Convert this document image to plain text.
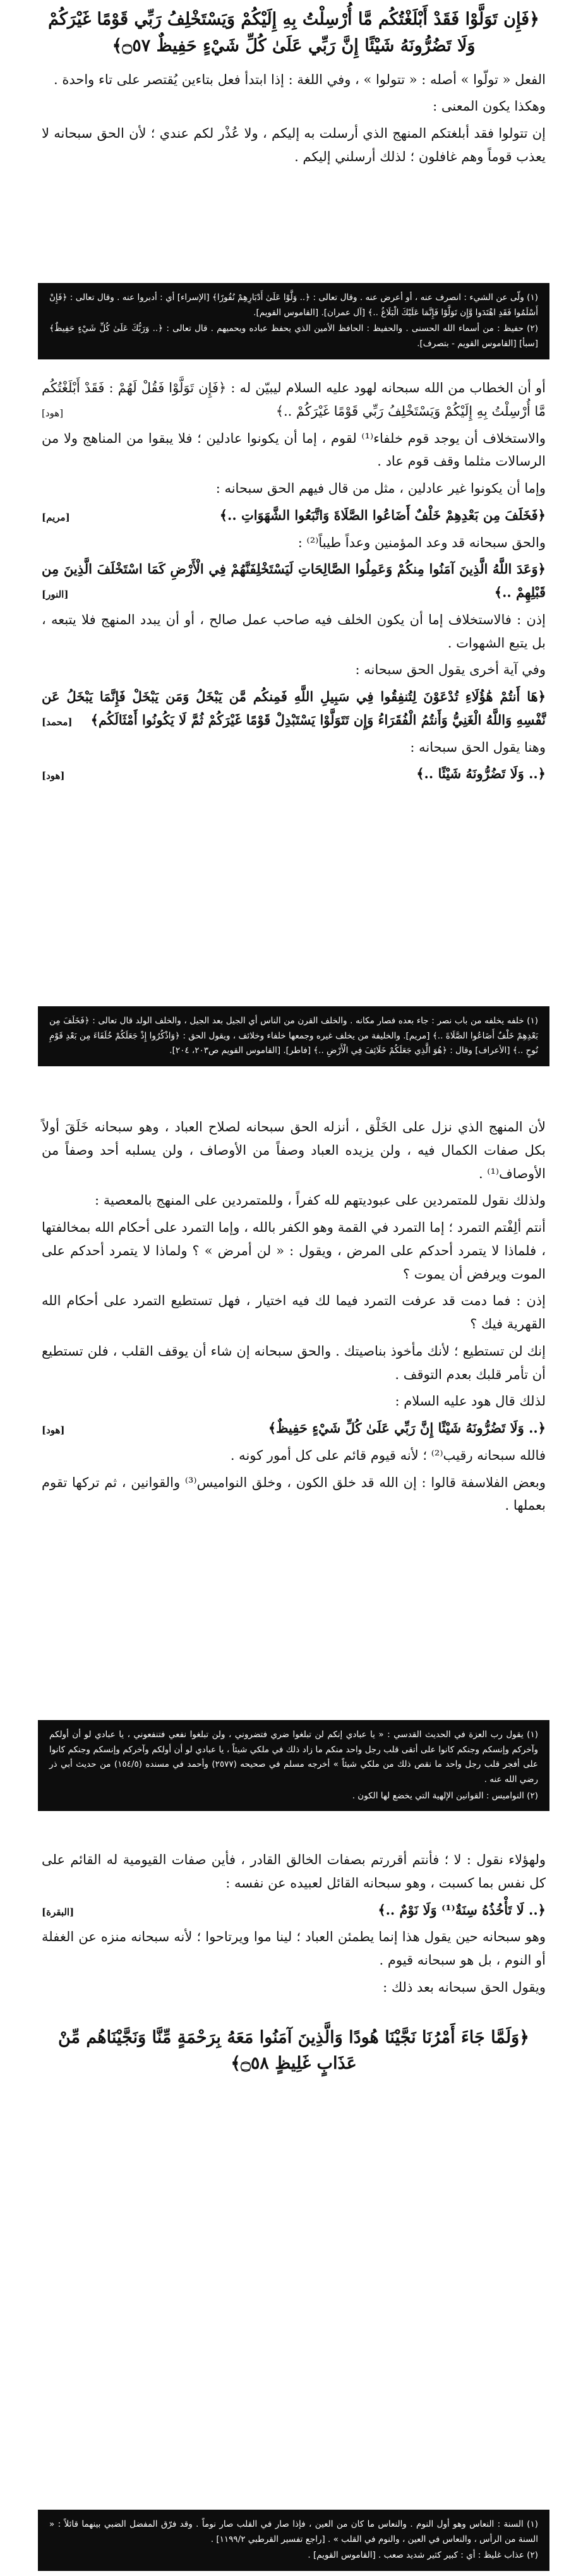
﴿فَإِن تَوَلَّوْا فَقَدْ أَبْلَغْتُكُم مَّا أُرْسِلْتُ بِهِ إِلَيْكُمْ وَيَسْتَخْلِفُ رَبِّي قَوْمًا غَيْرَكُمْ وَلَا تَضُرُّونَهُ شَيْئًا إِنَّ رَبِّي عَلَىٰ كُلِّ شَيْءٍ حَفِيظٌ ۝٥٧﴾

الفعل « تولّوا » أصله : « تتولوا » ، وفي اللغة : إذا ابتدأ فعل بتاءين يُقتصر على تاء واحدة .

وهكذا يكون المعنى :

إن تتولوا فقد أبلغتكم المنهج الذي أرسلت به إليكم ، ولا عُذْر لكم عندي ؛ لأن الحق سبحانه لا يعذب قوماً وهم غافلون ؛ لذلك أرسلني إليكم .

(١) ولّى عن الشيء : انصرف عنه ، أو أعرض عنه . وقال تعالى : ﴿.. وَلَّوْا عَلَىٰ أَدْبَارِهِمْ نُفُورًا﴾ [الإسراء] أي : أدبروا عنه . وقال تعالى : ﴿فَإِنْ أَسْلَمُوا فَقَدِ اهْتَدَوا وَّإِن تَوَلَّوْا فَإِنَّمَا عَلَيْكَ الْبَلَاغُ ..﴾ [آل عمران]. [القاموس القويم].

(٢) حفيظ : من أسماء الله الحسنى . والحفيظ : الحافظ الأمين الذي يحفظ عباده ويحميهم . قال تعالى : ﴿.. وَرَبُّكَ عَلَىٰ كُلِّ شَيْءٍ حَفِيظٌ﴾ [سبأ] [القاموس القويم - بتصرف].

أو أن الخطاب من الله سبحانه لهود عليه السلام ليبيّن له : ﴿فَإِن تَوَلَّوْا فَقُلْ لَهُمْ : فَقَدْ أَبْلَغْتُكُم مَّا أُرْسِلْتُ بِهِ إِلَيْكُمْ وَيَسْتَخْلِفُ رَبِّي قَوْمًا غَيْرَكُمْ ..﴾
[هود]

والاستخلاف أن يوجد قوم خلفاء⁽¹⁾ لقوم ، إما أن يكونوا عادلين ؛ فلا يبقوا من المناهج ولا من الرسالات مثلما وقف قوم عاد .

وإما أن يكونوا غير عادلين ، مثل من قال فيهم الحق سبحانه :

﴿فَخَلَفَ مِن بَعْدِهِمْ خَلْفٌ أَضَاعُوا الصَّلَاةَ وَاتَّبَعُوا الشَّهَوَاتِ ..﴾
[مريم]

والحق سبحانه قد وعد المؤمنين وعداً طيباً⁽²⁾ :

﴿وَعَدَ اللَّهُ الَّذِينَ آمَنُوا مِنكُمْ وَعَمِلُوا الصَّالِحَاتِ لَيَسْتَخْلِفَنَّهُمْ فِي الْأَرْضِ كَمَا اسْتَخْلَفَ الَّذِينَ مِن قَبْلِهِمْ ..﴾
[النور]

إذن : فالاستخلاف إما أن يكون الخلف فيه صاحب عمل صالح ، أو أن يبدد المنهج فلا يتبعه ، بل يتبع الشهوات .

وفي آية أخرى يقول الحق سبحانه :

﴿هَا أَنتُمْ هَٰؤُلَاءِ تُدْعَوْنَ لِتُنفِقُوا فِي سَبِيلِ اللَّهِ فَمِنكُم مَّن يَبْخَلُ وَمَن يَبْخَلْ فَإِنَّمَا يَبْخَلُ عَن نَّفْسِهِ وَاللَّهُ الْغَنِيُّ وَأَنتُمُ الْفُقَرَاءُ وَإِن تَتَوَلَّوْا يَسْتَبْدِلْ قَوْمًا غَيْرَكُمْ ثُمَّ لَا يَكُونُوا أَمْثَالَكُم﴾
[محمد]

وهنا يقول الحق سبحانه :

﴿.. وَلَا تَضُرُّونَهُ شَيْئًا ..﴾
[هود]

(١) خلفه يخلفه من باب نصر : جاء بعده فصار مكانه . والخلف القرن من الناس أي الجيل بعد الجيل ، والخلف الولد قال تعالى : ﴿فَخَلَفَ مِن بَعْدِهِمْ خَلْفٌ أَضَاعُوا الصَّلَاةَ ..﴾ [مريم]. والخليفة من يخلف غيره وجمعها خلفاء وخلائف ، ويقول الحق : ﴿وَاذْكُرُوا إِذْ جَعَلَكُمْ خُلَفَاءَ مِن بَعْدِ قَوْمِ نُوحٍ ..﴾ [الأعراف] وقال : ﴿هُوَ الَّذِي جَعَلَكُمْ خَلَائِفَ فِي الْأَرْضِ ..﴾ [فاطر]. [القاموس القويم ص٢٠٣، ٢٠٤].

لأن المنهج الذي نزل على الخَلْق ، أنزله الحق سبحانه لصلاح العباد ، وهو سبحانه خَلَقَ أولاً بكل صفات الكمال فيه ، ولن يزيده العباد وصفاً من الأوصاف ، ولن يسلبه أحد وصفاً من الأوصاف⁽¹⁾ .

ولذلك نقول للمتمردين على عبوديتهم لله كفراً ، وللمتمردين على المنهج بالمعصية :

أنتم ألِفْتم التمرد ؛ إما التمرد في القمة وهو الكفر بالله ، وإما التمرد على أحكام الله بمخالفتها ، فلماذا لا يتمرد أحدكم على المرض ، ويقول : « لن أمرض » ؟ ولماذا لا يتمرد أحدكم على الموت ويرفض أن يموت ؟

إذن : فما دمت قد عرفت التمرد فيما لك فيه اختيار ، فهل تستطيع التمرد على أحكام الله القهرية فيك ؟

إنك لن تستطيع ؛ لأنك مأخوذ بناصيتك . والحق سبحانه إن شاء أن يوقف القلب ، فلن تستطيع أن تأمر قلبك بعدم التوقف .

لذلك قال هود عليه السلام :

﴿.. وَلَا تَضُرُّونَهُ شَيْئًا إِنَّ رَبِّي عَلَىٰ كُلِّ شَيْءٍ حَفِيظٌ﴾
[هود]

فالله سبحانه رقيب⁽²⁾ ؛ لأنه قيوم قائم على كل أمور كونه .

وبعض الفلاسفة قالوا : إن الله قد خلق الكون ، وخلق النواميس⁽³⁾ والقوانين ، ثم تركها تقوم بعملها .

(١) يقول رب العزة في الحديث القدسي : « يا عبادي إنكم لن تبلغوا ضري فتضروني ، ولن تبلغوا نفعي فتنفعوني ، يا عبادي لو أن أولكم وآخركم وإنسكم وجنكم كانوا على أتقى قلب رجل واحد منكم ما زاد ذلك في ملكي شيئاً ، يا عبادي لو أن أولكم وآخركم وإنسكم وجنكم كانوا على أفجر قلب رجل واحد ما نقص ذلك من ملكي شيئاً » أخرجه مسلم في صحيحه (٢٥٧٧) وأحمد في مسنده (١٥٤/٥) من حديث أبي ذر رضي الله عنه .

(٢) النواميس : القوانين الإلهية التي يخضع لها الكون .

ولهؤلاء نقول : لا ؛ فأنتم أقررتم بصفات الخالق القادر ، فأين صفات القيومية له القائم على كل نفس بما كسبت ، وهو سبحانه القائل لعبيده عن نفسه :

﴿.. لَا تَأْخُذُهُ سِنَةٌ⁽¹⁾ وَلَا نَوْمٌ ..﴾
[البقرة]

وهو سبحانه حين يقول هذا إنما يطمئن العباد ؛ لينا موا ويرتاحوا ؛ لأنه سبحانه منزه عن الغفلة أو النوم ، بل هو سبحانه قيوم .

ويقول الحق سبحانه بعد ذلك :

﴿وَلَمَّا جَاءَ أَمْرُنَا نَجَّيْنَا هُودًا وَالَّذِينَ آمَنُوا مَعَهُ بِرَحْمَةٍ مِّنَّا وَنَجَّيْنَاهُم مِّنْ عَذَابٍ غَلِيظٍ ۝٥٨﴾

(١) السنة : النعاس وهو أول النوم . والنعاس ما كان من العين ، فإذا صار في القلب صار نوماً . وقد فرّق المفضل الضبي بينهما قائلاً : « السنة من الرأس ، والنعاس في العين ، والنوم في القلب » . [راجع تفسير القرطبي ١١٩٩/٢] .

(٢) عذاب غليظ : أي : كبير كثير شديد صعب . [القاموس القويم] .
